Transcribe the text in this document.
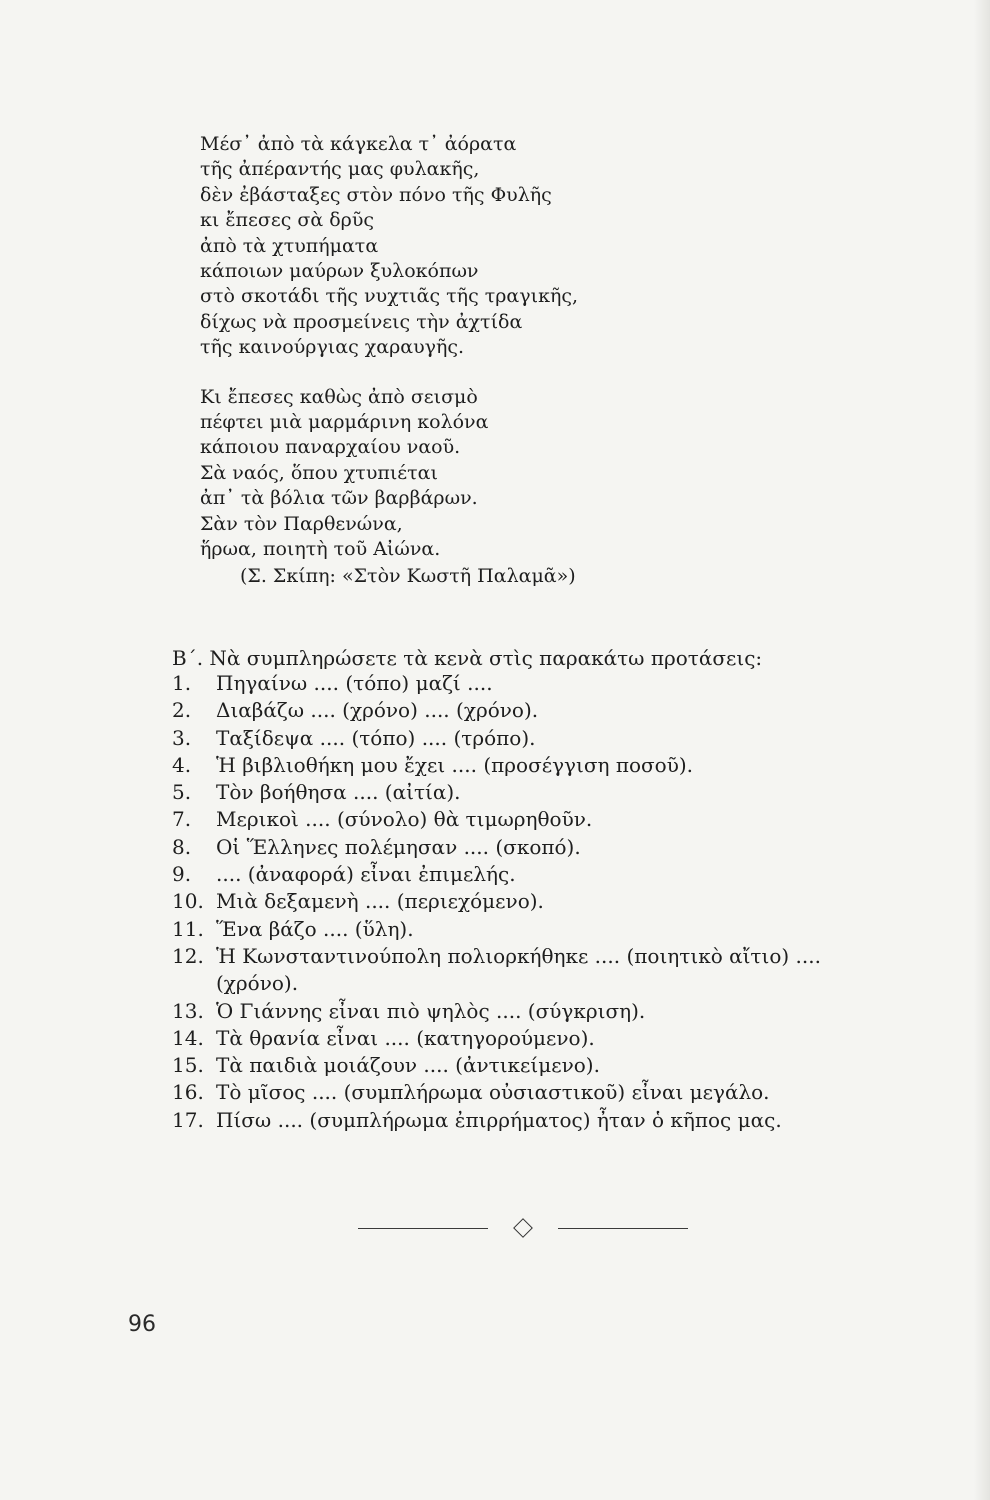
Μέσ᾿ ἀπὸ τὰ κάγκελα τ᾿ ἀόρατα
τῆς ἀπέραντής μας φυλακῆς,
δὲν ἐβάσταξες στὸν πόνο τῆς Φυλῆς
κι ἔπεσες σὰ δρῦς
ἀπὸ τὰ χτυπήματα
κάποιων μαύρων ξυλοκόπων
στὸ σκοτάδι τῆς νυχτιᾶς τῆς τραγικῆς,
δίχως νὰ προσμείνεις τὴν ἀχτίδα
τῆς καινούργιας χαραυγῆς.
Κι ἔπεσες καθὼς ἀπὸ σεισμὸ
πέφτει μιὰ μαρμάρινη κολόνα
κάποιου παναρχαίου ναοῦ.
Σὰ ναός, ὅπου χτυπιέται
ἀπ᾿ τὰ βόλια τῶν βαρβάρων.
Σὰν τὸν Παρθενώνα,
ἥρωα, ποιητὴ τοῦ Αἰώνα.
(Σ. Σκίπη: «Στὸν Κωστῆ Παλαμᾶ»)
Β΄. Νὰ συμπληρώσετε τὰ κενὰ στὶς παρακάτω προτάσεις:
1.	Πηγαίνω .... (τόπο) μαζί ....
2.	Διαβάζω .... (χρόνο) .... (χρόνο).
3.	Ταξίδεψα .... (τόπο) .... (τρόπο).
4.	Ἡ βιβλιοθήκη μου ἔχει .... (προσέγγιση ποσοῦ).
5.	Τὸν βοήθησα .... (αἰτία).
7.	Μερικοὶ .... (σύνολο) θὰ τιμωρηθοῦν.
8.	Οἱ Ἕλληνες πολέμησαν .... (σκοπό).
9.	.... (ἀναφορά) εἶναι ἐπιμελής.
10. Μιὰ δεξαμενὴ .... (περιεχόμενο).
11. Ἕνα βάζο .... (ὕλη).
12. Ἡ Κωνσταντινούπολη πολιορκήθηκε .... (ποιητικὸ αἴτιο) .... (χρόνο).
13. Ὁ Γιάννης εἶναι πιὸ ψηλὸς .... (σύγκριση).
14. Τὰ θρανία εἶναι .... (κατηγορούμενο).
15. Τὰ παιδιὰ μοιάζουν .... (ἀντικείμενο).
16. Τὸ μῖσος .... (συμπλήρωμα οὐσιαστικοῦ) εἶναι μεγάλο.
17. Πίσω .... (συμπλήρωμα ἐπιρρήματος) ἦταν ὁ κῆπος μας.
96
